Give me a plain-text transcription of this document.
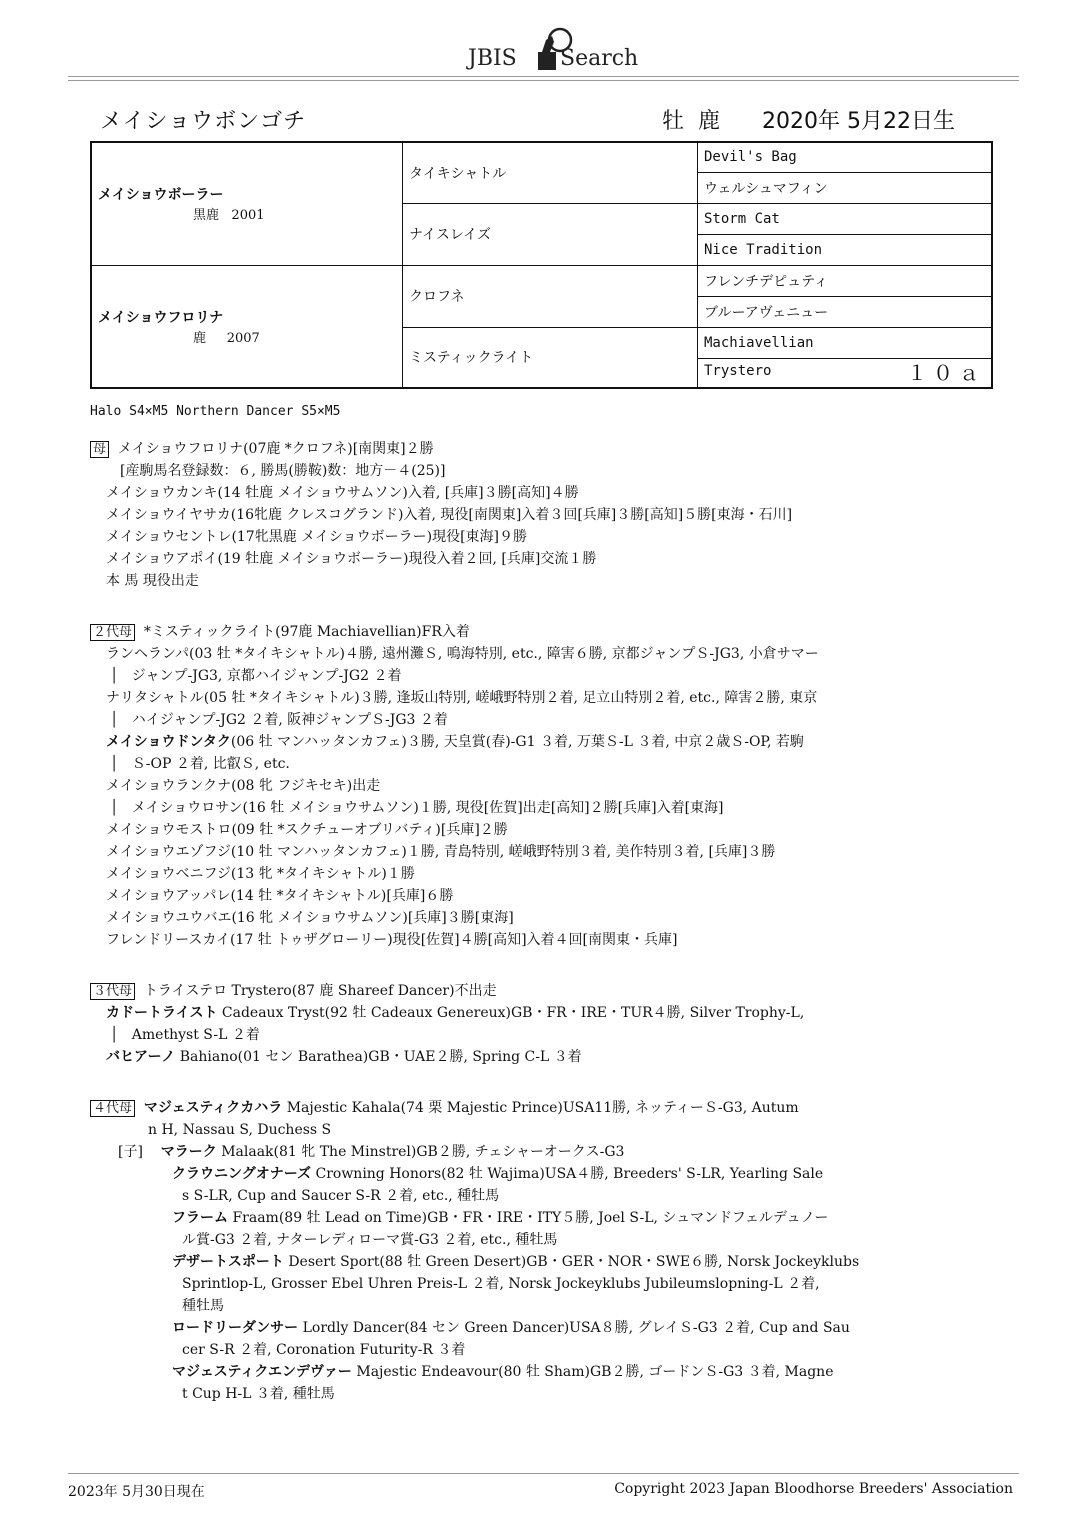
JBIS Search
メイショウボンゴチ	牡 鹿 2020年 5月22日生
メイショウボーラー
黒鹿 2001	タイキシャトル	Devil's Bag
		ウェルシュマフィン
	ナイスレイズ	Storm Cat
		Nice Tradition

メイショウフロリナ
鹿 2007	クロフネ	フレンチデピュティ
		ブルーアヴェニュー
	ミスティックライト	Machiavellian
		Trystero １０ａ
Halo S4×M5 Northern Dancer S5×M5
母 メイショウフロリナ(07鹿 *クロフネ)[南関東]２勝
[産駒馬名登録数：６, 勝馬(勝鞍)数：地方－４(25)]
メイショウカンキ(14 牡鹿 メイショウサムソン)入着, [兵庫]３勝[高知]４勝
メイショウイヤサカ(16牝鹿 クレスコグランド)入着, 現役[南関東]入着３回[兵庫]３勝[高知]５勝[東海・石川]
メイショウセントレ(17牝黒鹿 メイショウボーラー)現役[東海]９勝
メイショウアポイ(19 牡鹿 メイショウボーラー)現役入着２回, [兵庫]交流１勝
本 馬 現役出走
２代母 *ミスティックライト(97鹿 Machiavellian)FR入着
ランヘランパ(03 牡 *タイキシャトル)４勝, 遠州灘Ｓ, 鳴海特別, etc., 障害６勝, 京都ジャンプＳ-JG3, 小倉サマー
│   ジャンプ-JG3, 京都ハイジャンプ-JG2 ２着
ナリタシャトル(05 牡 *タイキシャトル)３勝, 逢坂山特別, 嵯峨野特別２着, 足立山特別２着, etc., 障害２勝, 東京
│   ハイジャンプ-JG2 ２着, 阪神ジャンプＳ-JG3 ２着
メイショウドンタク(06 牡 マンハッタンカフェ)３勝, 天皇賞(春)-G1 ３着, 万葉Ｓ-L ３着, 中京２歳Ｓ-OP, 若駒
│   Ｓ-OP ２着, 比叡Ｓ, etc.
メイショウランクナ(08 牝 フジキセキ)出走
│   メイショウロサン(16 牡 メイショウサムソン)１勝, 現役[佐賀]出走[高知]２勝[兵庫]入着[東海]
メイショウモストロ(09 牡 *スクチューオブリバティ)[兵庫]２勝
メイショウエゾフジ(10 牡 マンハッタンカフェ)１勝, 青島特別, 嵯峨野特別３着, 美作特別３着, [兵庫]３勝
メイショウベニフジ(13 牝 *タイキシャトル)１勝
メイショウアッパレ(14 牡 *タイキシャトル)[兵庫]６勝
メイショウユウバエ(16 牝 メイショウサムソン)[兵庫]３勝[東海]
フレンドリースカイ(17 牡 トゥザグローリー)現役[佐賀]４勝[高知]入着４回[南関東・兵庫]
３代母 トライステロ Trystero(87 鹿 Shareef Dancer)不出走
カドートライスト Cadeaux Tryst(92 牡 Cadeaux Genereux)GB・FR・IRE・TUR４勝, Silver Trophy-L,
│   Amethyst S-L ２着
バヒアーノ Bahiano(01 セン Barathea)GB・UAE２勝, Spring C-L ３着
４代母 マジェスティクカハラ Majestic Kahala(74 栗 Majestic Prince)USA11勝, ネッティーＳ-G3, Autum
n H, Nassau S, Duchess S
[子] マラーク Malaak(81 牝 The Minstrel)GB２勝, チェシャーオークス-G3
クラウニングオナーズ Crowning Honors(82 牡 Wajima)USA４勝, Breeders' S-LR, Yearling Sale
s S-LR, Cup and Saucer S-R ２着, etc., 種牡馬
フラーム Fraam(89 牡 Lead on Time)GB・FR・IRE・ITY５勝, Joel S-L, シュマンドフェルデュノー
ル賞-G3 ２着, ナターレディローマ賞-G3 ２着, etc., 種牡馬
デザートスポート Desert Sport(88 牡 Green Desert)GB・GER・NOR・SWE６勝, Norsk Jockeyklubs
Sprintlop-L, Grosser Ebel Uhren Preis-L ２着, Norsk Jockeyklubs Jubileumslopning-L ２着,
種牡馬
ロードリーダンサー Lordly Dancer(84 セン Green Dancer)USA８勝, グレイＳ-G3 ２着, Cup and Sau
cer S-R ２着, Coronation Futurity-R ３着
マジェスティクエンデヴァー Majestic Endeavour(80 牡 Sham)GB２勝, ゴードンＳ-G3 ３着, Magne
t Cup H-L ３着, 種牡馬
2023年 5月30日現在	Copyright 2023 Japan Bloodhorse Breeders' Association
